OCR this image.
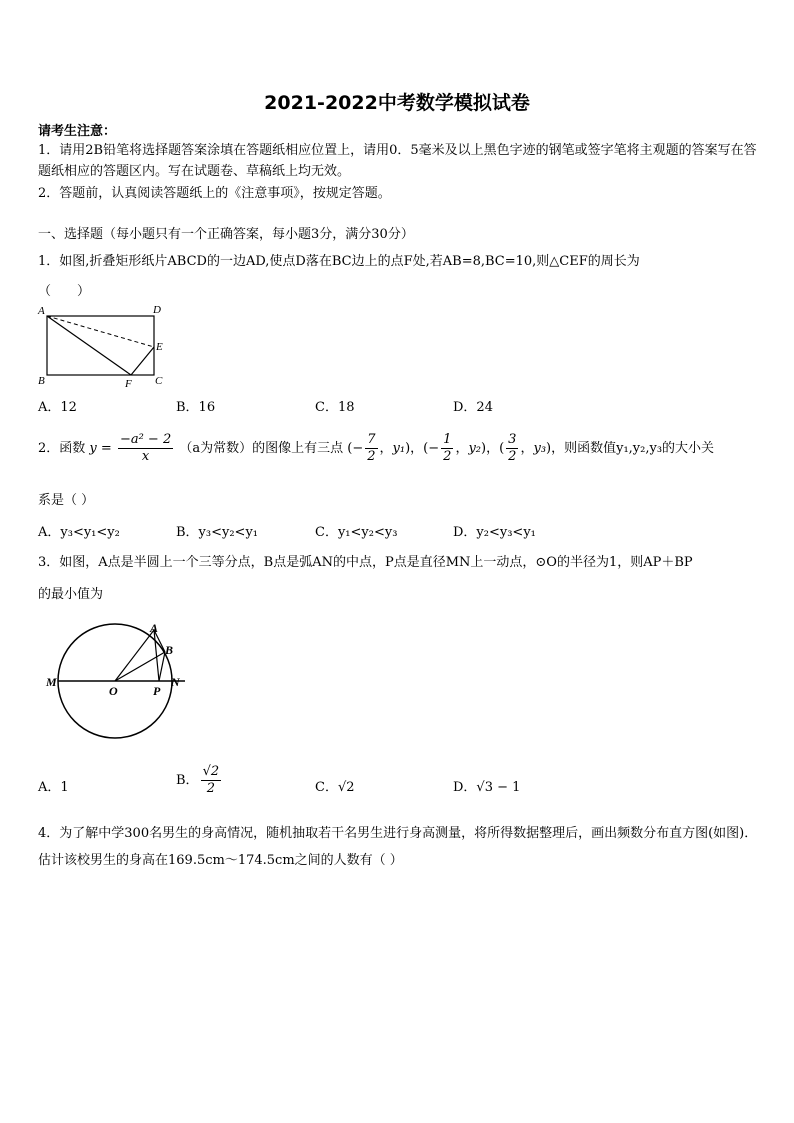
2021-2022中考数学模拟试卷
请考生注意：
1．请用2B铅笔将选择题答案涂填在答题纸相应位置上，请用0．5毫米及以上黑色字迹的钢笔或签字笔将主观题的答案写在答题纸相应的答题区内。写在试题卷、草稿纸上均无效。
2．答题前，认真阅读答题纸上的《注意事项》，按规定答题。
一、选择题（每小题只有一个正确答案，每小题3分，满分30分）
1．如图,折叠矩形纸片ABCD的一边AD,使点D落在BC边上的点F处,若AB=8,BC=10,则△CEF的周长为
（　　）
A	D
E
B	F C
A．12	B．16	C．18	D．24
2．函数 $y = \frac{\text{−a² − 2}}{x} (a$为常数）的图像上有三点 (− $\frac{7}{2}$ ，y₁)，(− $\frac{1}{2}$ ，y₂)，( $\frac{3}{2}$ ，y₃)，则函数值y₁,y₂,y₃的大小关
系是（ ）
A．y₃<y₁<y₂	B．y₃<y₂<y₁	C．y₁<y₂<y₃	D．y₂<y₃<y₁
3．如图，A点是半圆上一个三等分点，B点是弧AN的中点，P点是直径MN上一动点，⊙O的半径为1，则AP＋BP
的最小值为
M
O	P
N
A
B
A．1	B． $\frac{√2}{2}$	C．√2	D．√3 − 1
4．为了解中学300名男生的身高情况，随机抽取若干名男生进行身高测量，将所得数据整理后，画出频数分布直方图(如图)．估计该校男生的身高在169.5cm～174.5cm之间的人数有（ ）
